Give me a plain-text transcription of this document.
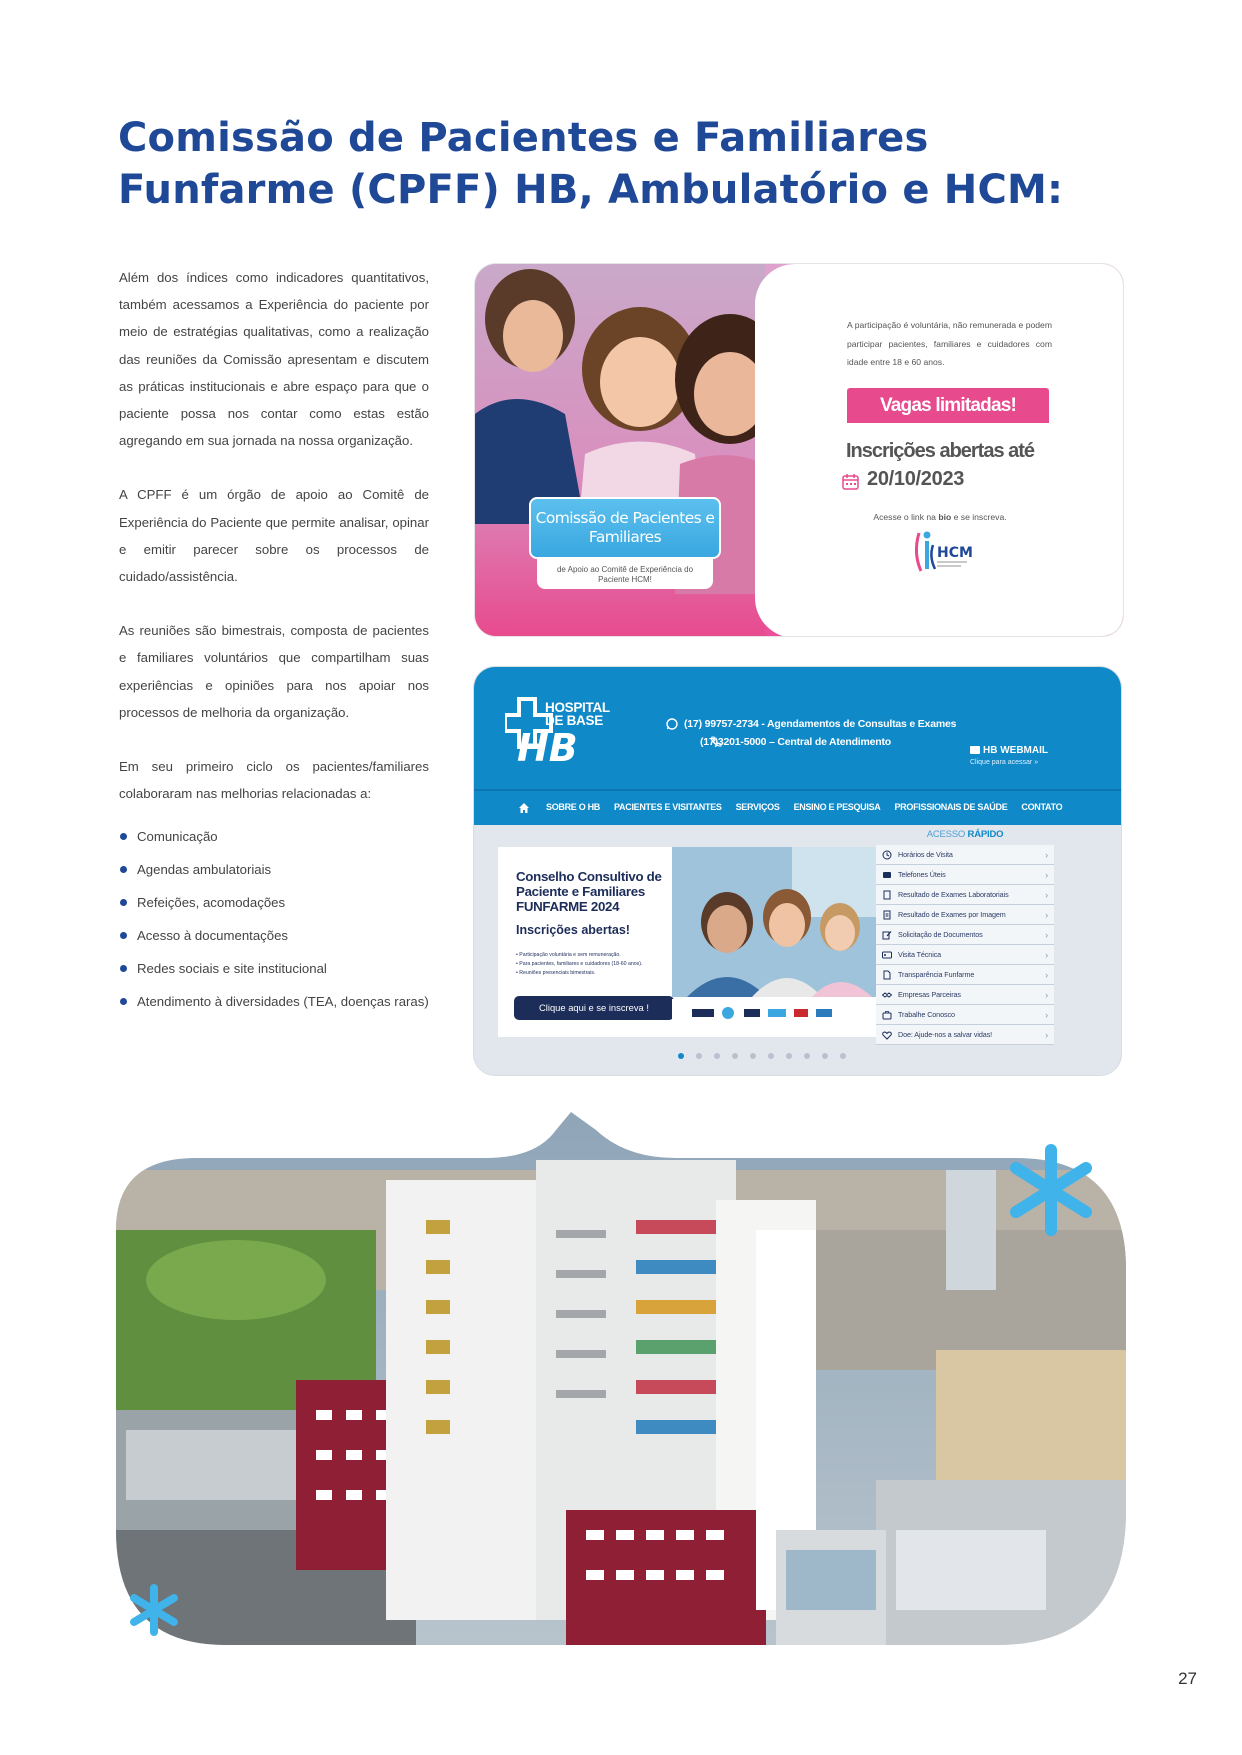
Comissão de Pacientes e Familiares Funfarme (CPFF) HB, Ambulatório e HCM:

Além dos índices como indicadores quantitativos, também acessamos a Experiência do paciente por meio de estratégias qualitativas, como a realização das reuniões da Comissão apresentam e discutem as práticas institucionais e abre espaço para que o paciente possa nos contar como estas estão agregando em sua jornada na nossa organização.

A CPFF é um órgão de apoio ao Comitê de Experiência do Paciente que permite analisar, opinar e emitir parecer sobre os processos de cuidado/assistência.

As reuniões são bimestrais, composta de pacientes e familiares voluntários que compartilham suas experiências e opiniões para nos apoiar nos processos de melhoria da organização.

Em seu primeiro ciclo os pacientes/familiares colaboraram nas melhorias relacionadas a:

Comunicação
Agendas ambulatoriais
Refeições, acomodações
Acesso à documentações
Redes sociais e site institucional
Atendimento à diversidades (TEA, doenças raras)
Comissão de Pacientes e Familiares
de Apoio ao Comitê de Experiência do Paciente HCM!
A participação é voluntária, não remunerada e podem participar pacientes, familiares e cuidadores com idade entre 18 e 60 anos.
Vagas limitadas!
Inscrições abertas até
20/10/2023
Acesse o link na bio e se inscreva.
HCM
HB
HOSPITAL
DE BASE	(17) 99757-2734 - Agendamentos de Consultas e Exames
(17)3201-5000 – Central de Atendimento
HB WEBMAIL
Clique para acessar »
SOBRE O HB PACIENTES E VISITANTES SERVIÇOS ENSINO E PESQUISA PROFISSIONAIS DE SAÚDE CONTATO
Conselho Consultivo de Paciente e Familiares FUNFARME 2024
Inscrições abertas!
• Participação voluntária e sem remuneração.
• Para pacientes, familiares e cuidadores (18-60 anos).
• Reuniões presenciais bimestrais.
Clique aqui e se inscreva !
ACESSO RÁPIDO
Horários de Visita ›
Telefones Úteis ›
Resultado de Exames Laboratoriais ›
Resultado de Exames por Imagem ›
Solicitação de Documentos ›
Visita Técnica ›
Transparência Funfarme ›
Empresas Parceiras ›
Trabalhe Conosco ›
Doe: Ajude-nos a salvar vidas! ›
27
